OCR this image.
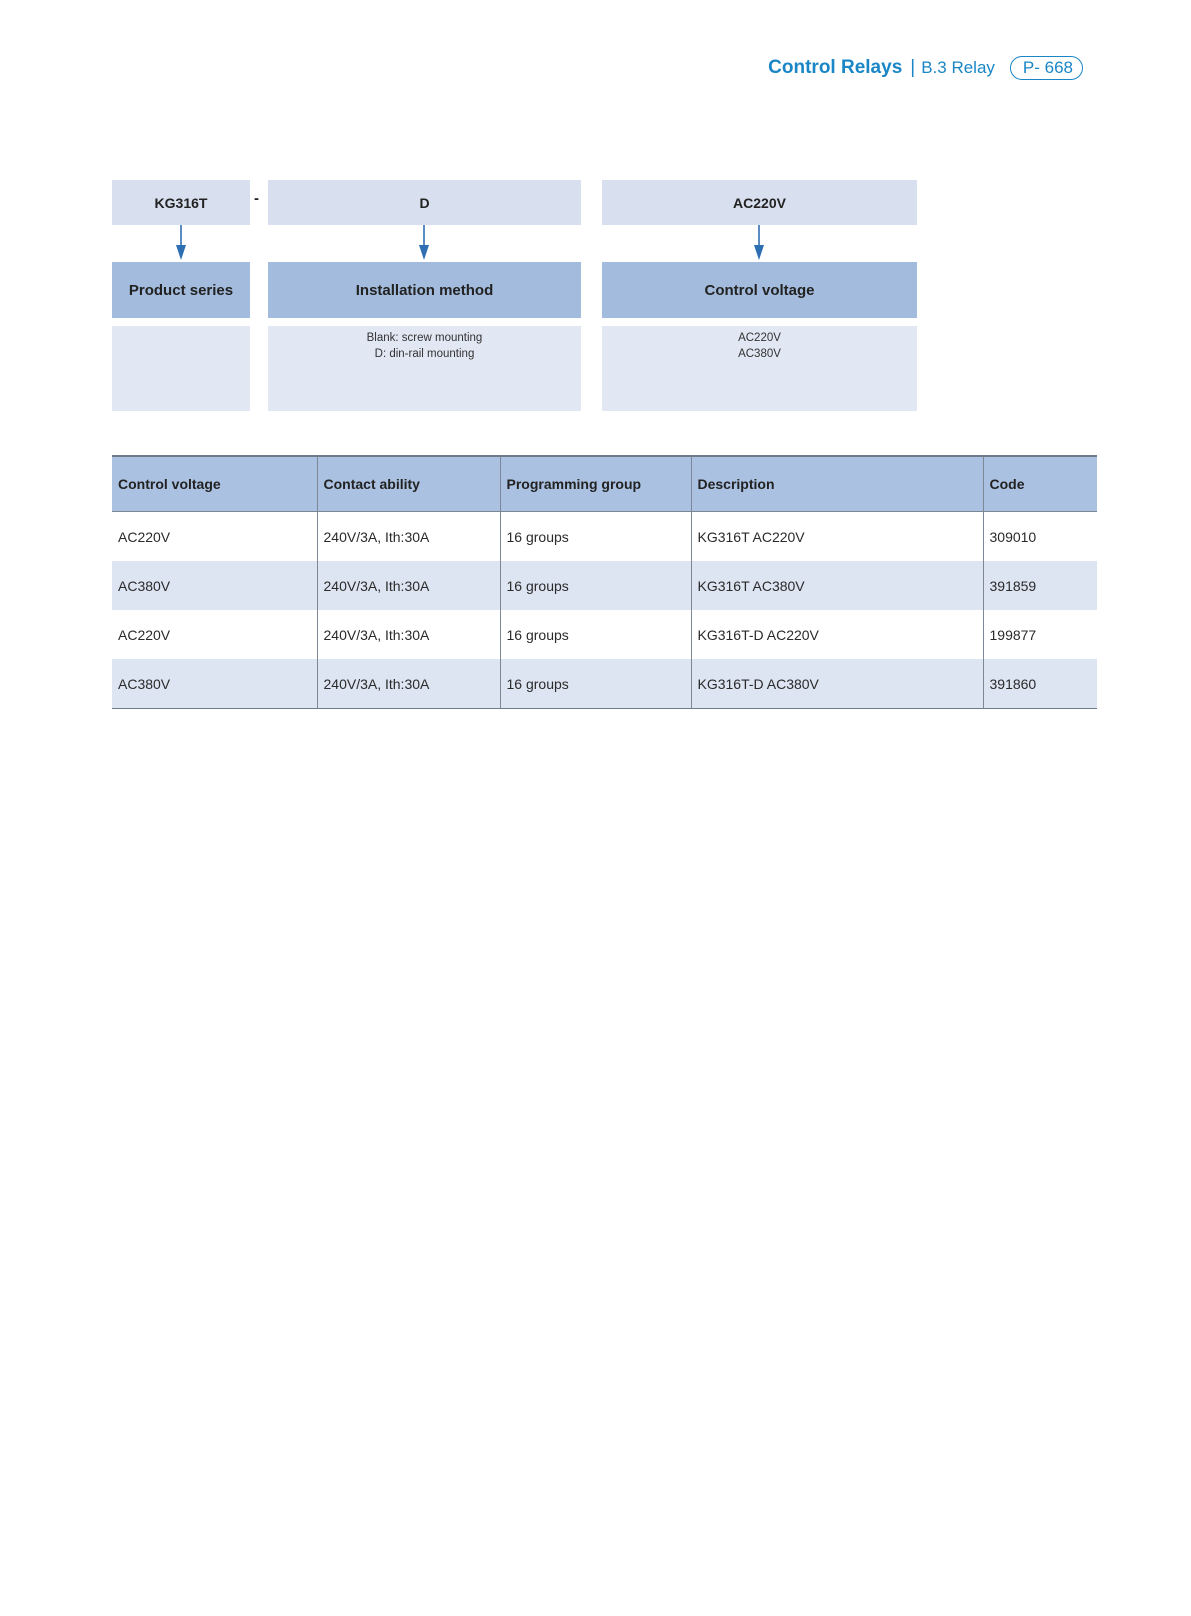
Control Relays | B.3 Relay	P- 668
KG316T	-	D	AC220V
Product series	Installation method	Control voltage
Blank: screw mounting
D: din-rail mounting
AC220V
AC380V
Control voltage	Contact ability	Programming group	Description	Code
AC220V	240V/3A, Ith:30A	16 groups	KG316T AC220V	309010
AC380V	240V/3A, Ith:30A	16 groups	KG316T AC380V	391859
AC220V	240V/3A, Ith:30A	16 groups	KG316T-D AC220V	199877
AC380V	240V/3A, Ith:30A	16 groups	KG316T-D AC380V	391860
